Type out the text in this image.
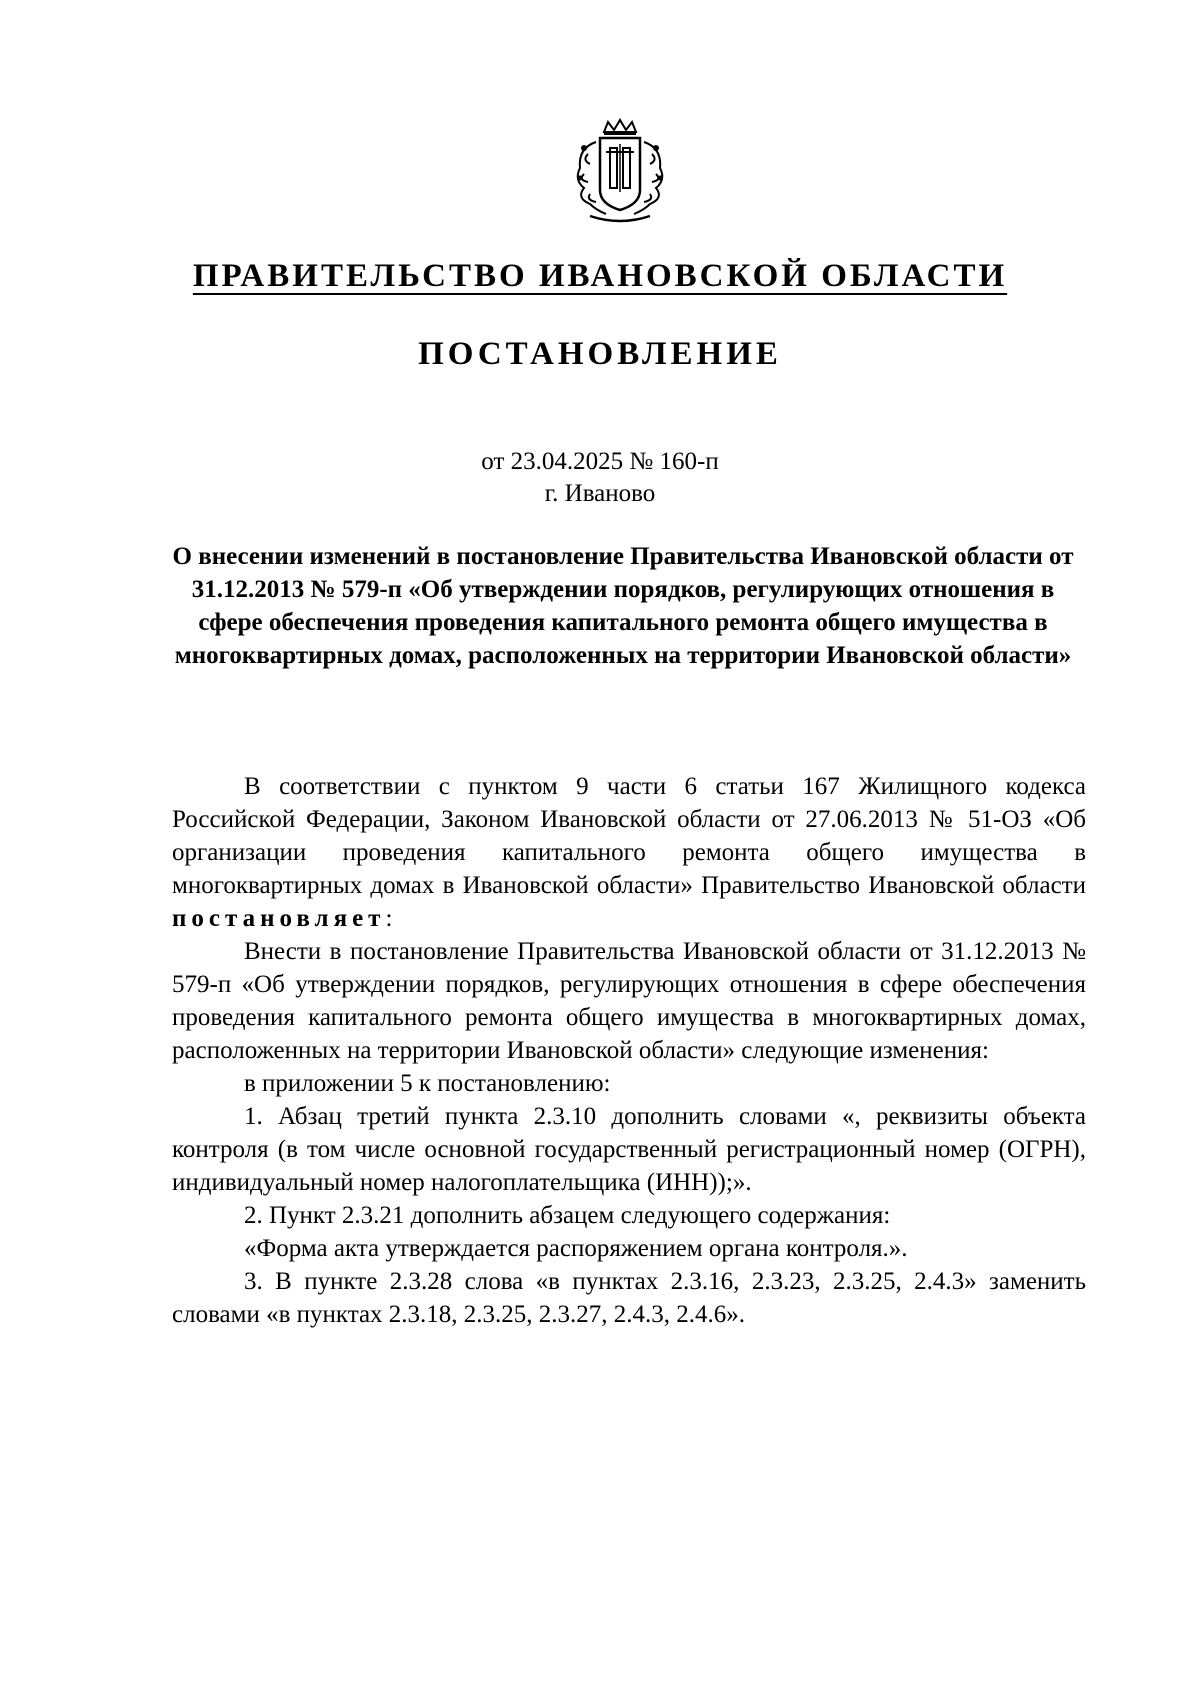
ПРАВИТЕЛЬСТВО ИВАНОВСКОЙ ОБЛАСТИ
ПОСТАНОВЛЕНИЕ

от 23.04.2025 № 160-п

г. Иваново

О внесении изменений в постановление Правительства Ивановской области от 31.12.2013 № 579-п «Об утверждении порядков, регулирующих отношения в сфере обеспечения проведения капитального ремонта общего имущества в многоквартирных домах, расположенных на территории Ивановской области»

В соответствии с пунктом 9 части 6 статьи 167 Жилищного кодекса Российской Федерации, Законом Ивановской области от 27.06.2013 № 51-ОЗ «Об организации проведения капитального ремонта общего имущества в многоквартирных домах в Ивановской области» Правительство Ивановской области постановляет:

Внести в постановление Правительства Ивановской области от 31.12.2013 № 579-п «Об утверждении порядков, регулирующих отношения в сфере обеспечения проведения капитального ремонта общего имущества в многоквартирных домах, расположенных на территории Ивановской области» следующие изменения:

в приложении 5 к постановлению:

1. Абзац третий пункта 2.3.10 дополнить словами «, реквизиты объекта контроля (в том числе основной государственный регистрационный номер (ОГРН), индивидуальный номер налогоплательщика (ИНН));».

2. Пункт 2.3.21 дополнить абзацем следующего содержания:

«Форма акта утверждается распоряжением органа контроля.».

3. В пункте 2.3.28 слова «в пунктах 2.3.16, 2.3.23, 2.3.25, 2.4.3» заменить словами «в пунктах 2.3.18, 2.3.25, 2.3.27, 2.4.3, 2.4.6».
